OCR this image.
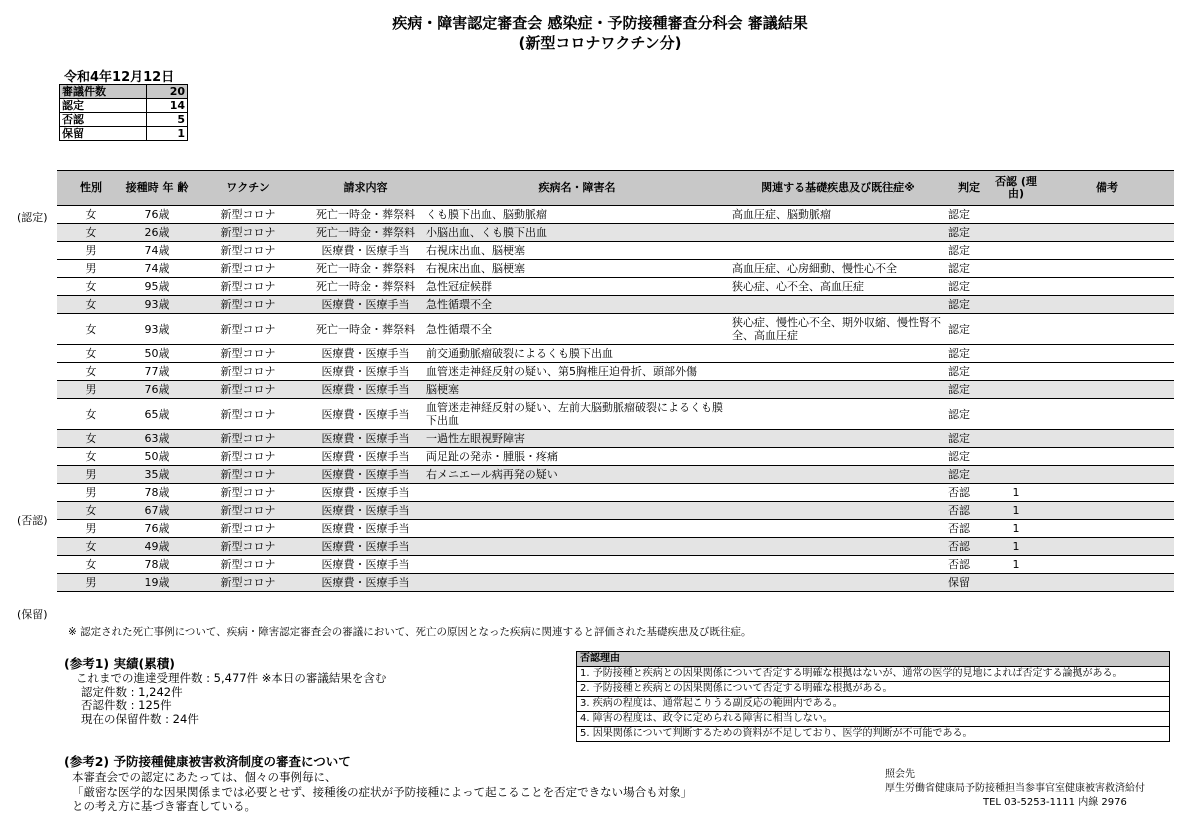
疾病・障害認定審査会 感染症・予防接種審査分科会 審議結果
(新型コロナワクチン分)
令和4年12月12日
審議件数	20
認定	14
否認	5
保留	1
(認定)
(否認)
(保留)
性別	接種時 年 齢	ワクチン	請求内容	疾病名・障害名	関連する基礎疾患及び既往症※	判定	否認 (理由)	備考
女	76歳	新型コロナ	死亡一時金・葬祭料	くも膜下出血、脳動脈瘤	高血圧症、脳動脈瘤	認定		
女	26歳	新型コロナ	死亡一時金・葬祭料	小脳出血、くも膜下出血		認定		
男	74歳	新型コロナ	医療費・医療手当	右視床出血、脳梗塞		認定		
男	74歳	新型コロナ	死亡一時金・葬祭料	右視床出血、脳梗塞	高血圧症、心房細動、慢性心不全	認定		
女	95歳	新型コロナ	死亡一時金・葬祭料	急性冠症候群	狭心症、心不全、高血圧症	認定		
女	93歳	新型コロナ	医療費・医療手当	急性循環不全		認定		
女	93歳	新型コロナ	死亡一時金・葬祭料	急性循環不全	狭心症、慢性心不全、期外収縮、慢性腎不全、高血圧症	認定		
女	50歳	新型コロナ	医療費・医療手当	前交通動脈瘤破裂によるくも膜下出血		認定		
女	77歳	新型コロナ	医療費・医療手当	血管迷走神経反射の疑い、第5胸椎圧迫骨折、頭部外傷		認定		
男	76歳	新型コロナ	医療費・医療手当	脳梗塞		認定		
女	65歳	新型コロナ	医療費・医療手当	血管迷走神経反射の疑い、左前大脳動脈瘤破裂によるくも膜下出血		認定		
女	63歳	新型コロナ	医療費・医療手当	一過性左眼視野障害		認定		
女	50歳	新型コロナ	医療費・医療手当	両足趾の発赤・腫脹・疼痛		認定		
男	35歳	新型コロナ	医療費・医療手当	右メニエール病再発の疑い		認定		
男	78歳	新型コロナ	医療費・医療手当			否認	1	
女	67歳	新型コロナ	医療費・医療手当			否認	1	
男	76歳	新型コロナ	医療費・医療手当			否認	1	
女	49歳	新型コロナ	医療費・医療手当			否認	1	
女	78歳	新型コロナ	医療費・医療手当			否認	1	
男	19歳	新型コロナ	医療費・医療手当			保留		
※ 認定された死亡事例について、疾病・障害認定審査会の審議において、死亡の原因となった疾病に関連すると評価された基礎疾患及び既往症。
(参考1) 実績(累積)
これまでの進達受理件数 : 5,477件 ※本日の審議結果を含む
認定件数 : 1,242件
否認件数 : 125件
現在の保留件数 : 24件
否認理由
1. 予防接種と疾病との因果関係について否定する明確な根拠はないが、通常の医学的見地によれば否定する論拠がある。
2. 予防接種と疾病との因果関係について否定する明確な根拠がある。
3. 疾病の程度は、通常起こりうる副反応の範囲内である。
4. 障害の程度は、政令に定められる障害に相当しない。
5. 因果関係について判断するための資料が不足しており、医学的判断が不可能である。
(参考2) 予防接種健康被害救済制度の審査について
本審査会での認定にあたっては、個々の事例毎に、
「厳密な医学的な因果関係までは必要とせず、接種後の症状が予防接種によって起こることを否定できない場合も対象」
との考え方に基づき審査している。
照会先
厚生労働省健康局予防接種担当参事官室健康被害救済給付
TEL 03-5253-1111 内線 2976
